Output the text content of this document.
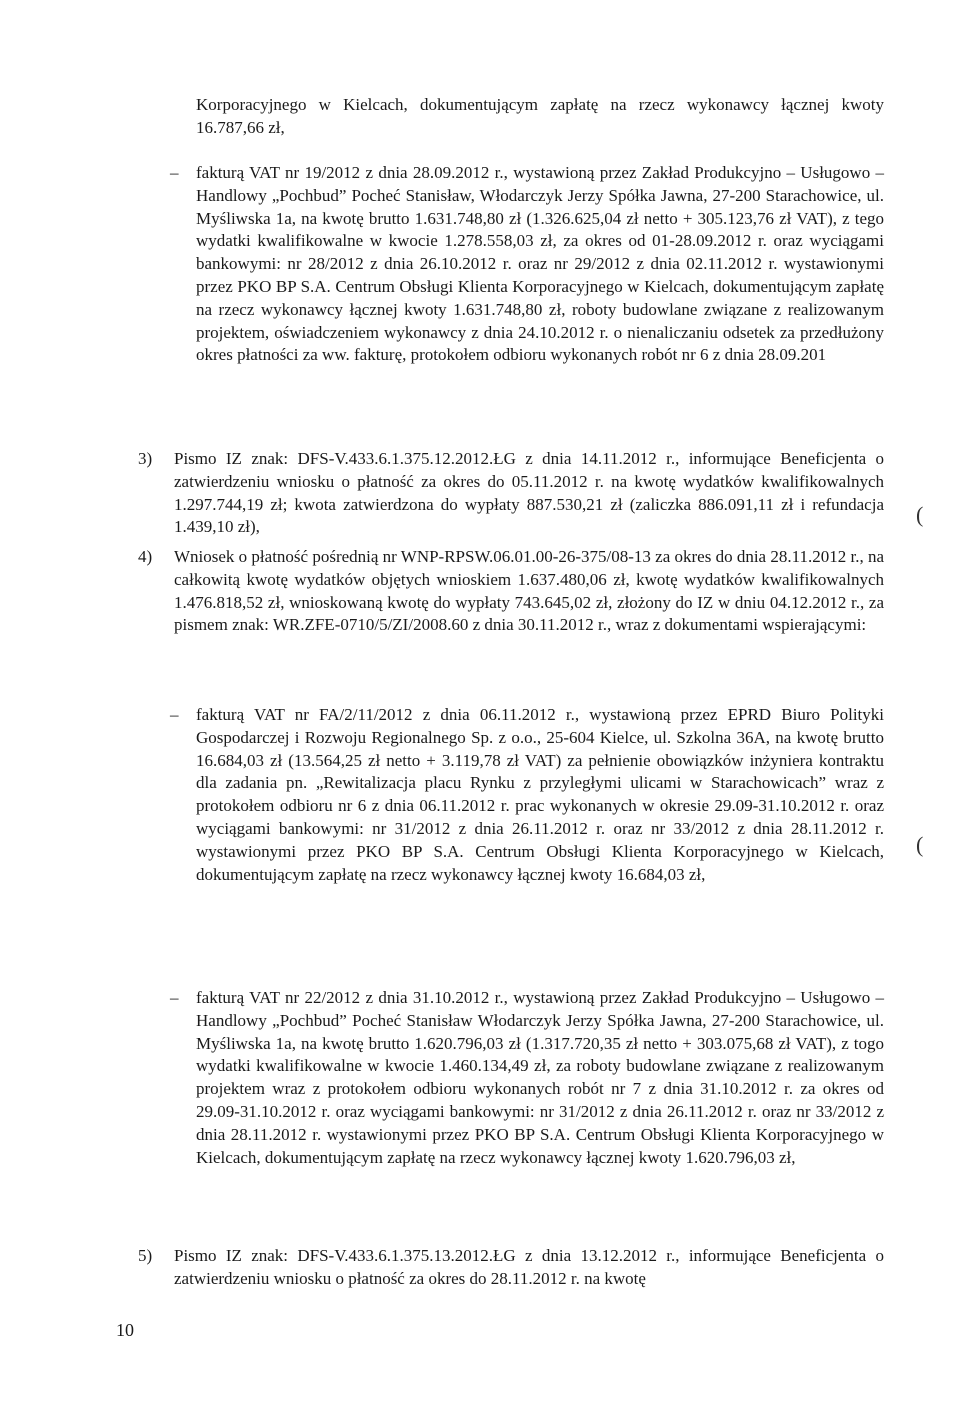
Korporacyjnego w Kielcach, dokumentującym zapłatę na rzecz wykonawcy łącznej kwoty 16.787,66 zł,

– fakturą VAT nr 19/2012 z dnia 28.09.2012 r., wystawioną przez Zakład Produkcyjno – Usługowo – Handlowy „Pochbud” Pocheć Stanisław, Włodarczyk Jerzy Spółka Jawna, 27-200 Starachowice, ul. Myśliwska 1a, na kwotę brutto 1.631.748,80 zł (1.326.625,04 zł netto + 305.123,76 zł VAT), z tego wydatki kwalifikowalne w kwocie 1.278.558,03 zł, za okres od 01-28.09.2012 r. oraz wyciągami bankowymi: nr 28/2012 z dnia 26.10.2012 r. oraz nr 29/2012 z dnia 02.11.2012 r. wystawionymi przez PKO BP S.A. Centrum Obsługi Klienta Korporacyjnego w Kielcach, dokumentującym zapłatę na rzecz wykonawcy łącznej kwoty 1.631.748,80 zł, roboty budowlane związane z realizowanym projektem, oświadczeniem wykonawcy z dnia 24.10.2012 r. o nienaliczaniu odsetek za przedłużony okres płatności za ww. fakturę, protokołem odbioru wykonanych robót nr 6 z dnia 28.09.201

3)	Pismo IZ znak: DFS-V.433.6.1.375.12.2012.ŁG z dnia 14.11.2012 r., informujące Beneficjenta o zatwierdzeniu wniosku o płatność za okres do 05.11.2012 r. na kwotę wydatków kwalifikowalnych 1.297.744,19 zł; kwota zatwierdzona do wypłaty 887.530,21 zł (zaliczka 886.091,11 zł i refundacja 1.439,10 zł),
4)	Wniosek o płatność pośrednią nr WNP-RPSW.06.01.00-26-375/08-13 za okres do dnia 28.11.2012 r., na całkowitą kwotę wydatków objętych wnioskiem 1.637.480,06 zł, kwotę wydatków kwalifikowalnych 1.476.818,52 zł, wnioskowaną kwotę do wypłaty 743.645,02 zł, złożony do IZ w dniu 04.12.2012 r., za pismem znak: WR.ZFE-0710/5/ZI/2008.60 z dnia 30.11.2012 r., wraz z dokumentami wspierającymi:
– fakturą VAT nr FA/2/11/2012 z dnia 06.11.2012 r., wystawioną przez EPRD Biuro Polityki Gospodarczej i Rozwoju Regionalnego Sp. z o.o., 25-604 Kielce, ul. Szkolna 36A, na kwotę brutto 16.684,03 zł (13.564,25 zł netto + 3.119,78 zł VAT) za pełnienie obowiązków inżyniera kontraktu dla zadania pn. „Rewitalizacja placu Rynku z przyległymi ulicami w Starachowicach” wraz z protokołem odbioru nr 6 z dnia 06.11.2012 r. prac wykonanych w okresie 29.09-31.10.2012 r. oraz wyciągami bankowymi: nr 31/2012 z dnia 26.11.2012 r. oraz nr 33/2012 z dnia 28.11.2012 r. wystawionymi przez PKO BP S.A. Centrum Obsługi Klienta Korporacyjnego w Kielcach, dokumentującym zapłatę na rzecz wykonawcy łącznej kwoty 16.684,03 zł,

– fakturą VAT nr 22/2012 z dnia 31.10.2012 r., wystawioną przez Zakład Produkcyjno – Usługowo – Handlowy „Pochbud” Pocheć Stanisław Włodarczyk Jerzy Spółka Jawna, 27-200 Starachowice, ul. Myśliwska 1a, na kwotę brutto 1.620.796,03 zł (1.317.720,35 zł netto + 303.075,68 zł VAT), z togo wydatki kwalifikowalne w kwocie 1.460.134,49 zł, za roboty budowlane związane z realizowanym projektem wraz z protokołem odbioru wykonanych robót nr 7 z dnia 31.10.2012 r. za okres od 29.09-31.10.2012 r. oraz wyciągami bankowymi: nr 31/2012 z dnia 26.11.2012 r. oraz nr 33/2012 z dnia 28.11.2012 r. wystawionymi przez PKO BP S.A. Centrum Obsługi Klienta Korporacyjnego w Kielcach, dokumentującym zapłatę na rzecz wykonawcy łącznej kwoty 1.620.796,03 zł,

5)	Pismo IZ znak: DFS-V.433.6.1.375.13.2012.ŁG z dnia 13.12.2012 r., informujące Beneficjenta o zatwierdzeniu wniosku o płatność za okres do 28.11.2012 r. na kwotę
10
(
(
